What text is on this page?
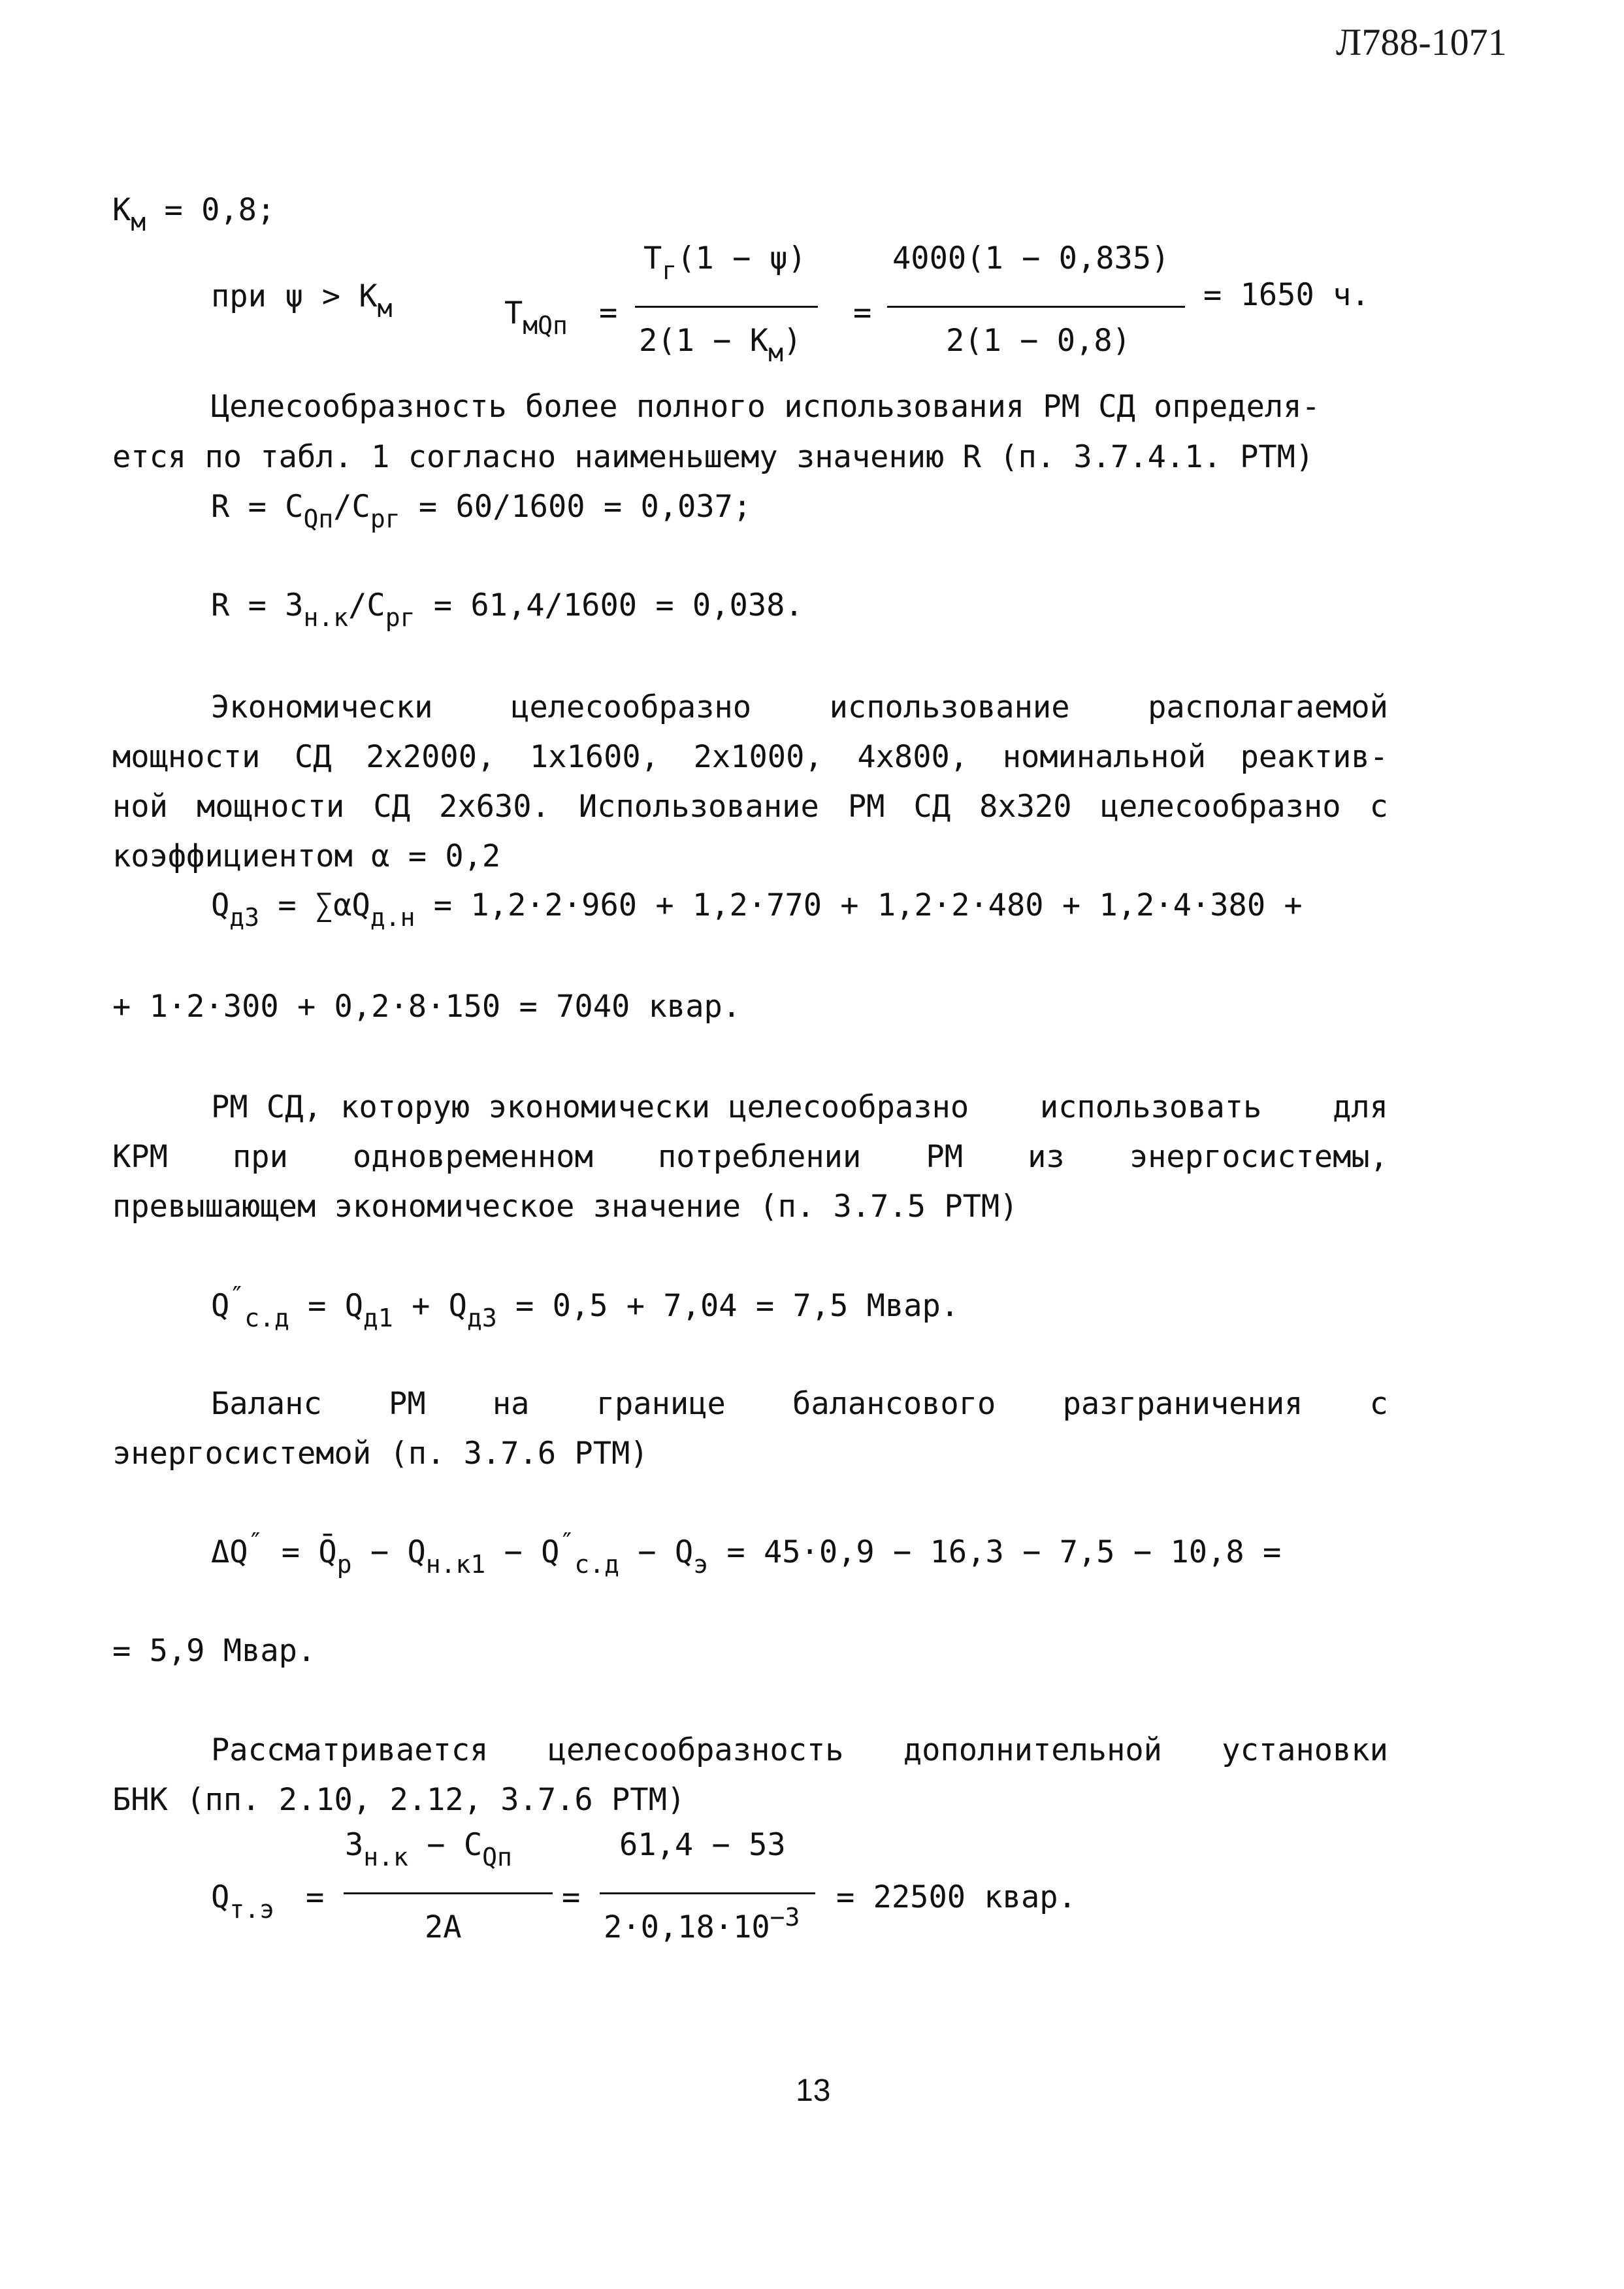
Л788-1071
$К_м = 0,8$;
при $\psi > К_м$	$Т_{мQп}$ =
$Т_г(1 - \psi)$
$2(1 - К_м)$
=
4000(1 − 0,835)
2(1 − 0,8)
= 1650 ч.
Целесообразность более полного использования РМ СД определя-
ется по табл. 1 согласно наименьшему значению R (п. 3.7.4.1. РТМ)
$R = C_{Qп}/C_{рг} = 60/1600 = 0,037$;
$R = З_{н.к}/C_{рг} = 61,4/1600 = 0,038$.
Экономически	целесообразно	использование	располагаемой
мощности СД 2х2000, 1х1600, 2х1000, 4х800, номинальной реактив-
ной мощности СД 2х630. Использование РМ СД 8х320 целесообразно с
коэффициентом α = 0,2
$Q_{д3} = \sum\alpha Q_{д.н} = 1,2\cdot 2\cdot 960 + 1,2\cdot 770 + 1,2\cdot 2\cdot 480 + 1,2\cdot 4\cdot 380$ +
+ 1·2·300 + 0,2·8·150 = 7040 квар.
РМ СД, которую экономически целесообразно использовать для
КРМ при одновременном потреблении РМ из энергосистемы,
превышающем экономическое значение (п. 3.7.5 РТМ)
$Q''_{с.д} = Q_{д1} + Q_{д3} = 0,5 + 7,04 = 7,5$ Мвар.
Баланс РМ на границе балансового разграничения с
энергосистемой (п. 3.7.6 РТМ)
$\Delta Q'' = Q̄_р - Q_{н.к1} - Q''_{с.д} - Q_э = 45\cdot 0,9 - 16,3 - 7,5 - 10,8$ =
= 5,9 Мвар.
Рассматривается целесообразность дополнительной установки
БНК (пп. 2.10, 2.12, 3.7.6 РТМ)
$Q_{т.э}$ =
$З_{н.к} - C_{Qп}$
2А
=
61,4 − 53
$2\cdot 0,18\cdot 10^{-3}$
= 22500 квар.
13
